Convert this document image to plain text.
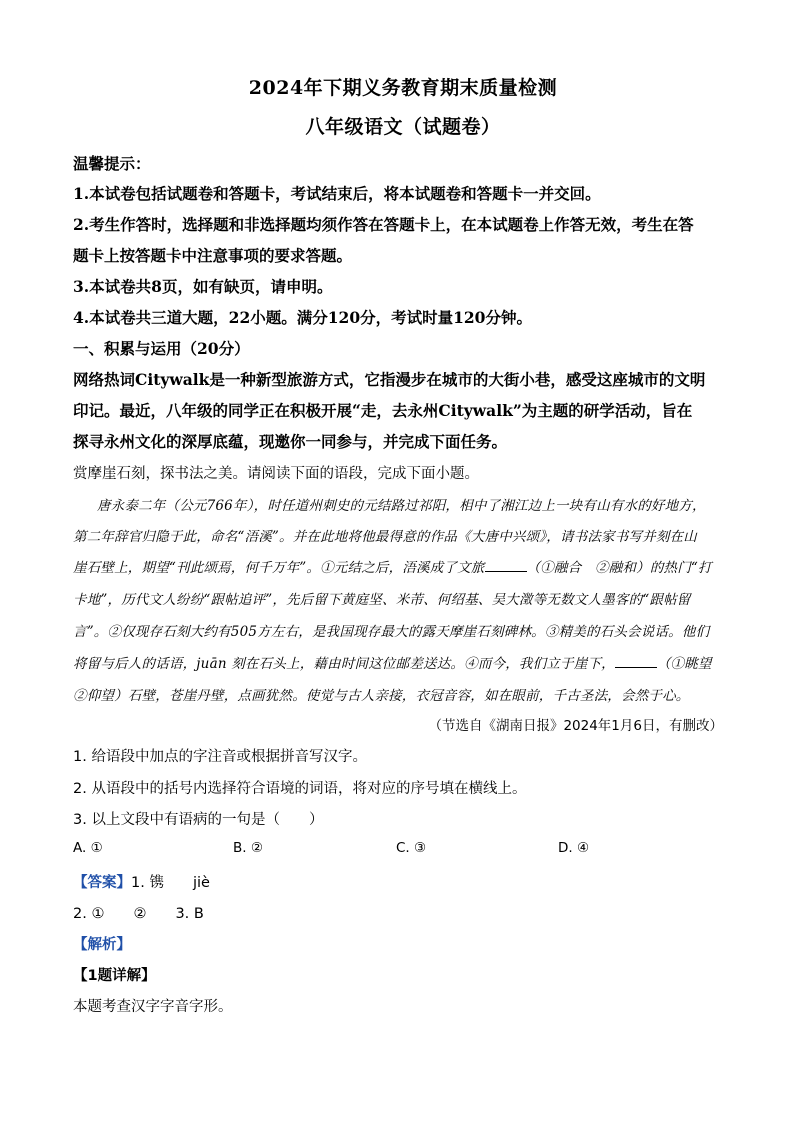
2024年下期义务教育期末质量检测
八年级语文（试题卷）
温馨提示：
1.本试卷包括试题卷和答题卡，考试结束后，将本试题卷和答题卡一并交回。
2.考生作答时，选择题和非选择题均须作答在答题卡上，在本试题卷上作答无效，考生在答
题卡上按答题卡中注意事项的要求答题。
3.本试卷共8页，如有缺页，请申明。
4.本试卷共三道大题，22小题。满分120分，考试时量120分钟。
一、积累与运用（20分）
网络热词Citywalk是一种新型旅游方式，它指漫步在城市的大街小巷，感受这座城市的文明
印记。最近，八年级的同学正在积极开展“走，去永州Citywalk”为主题的研学活动，旨在
探寻永州文化的深厚底蕴，现邀你一同参与，并完成下面任务。
赏摩崖石刻，探书法之美。请阅读下面的语段，完成下面小题。
唐永泰二年（公元766年），时任道州刺史的元结路过祁阳，相中了湘江边上一块有山有水的好地方，
第二年辞官归隐于此，命名“浯溪”。并在此地将他最得意的作品《大唐中兴颂》，请书法家书写并刻在山
崖石壁上，期望“刊此颂焉，何千万年”。①元结之后，浯溪成了文旅	（①融合　②融和）的热门“打
卡地”，历代文人纷纷“跟帖追评”，先后留下黄庭坚、米芾、何绍基、吴大澂等无数文人墨客的“跟帖留
言”。②仅现存石刻大约有505方左右，是我国现存最大的露天摩崖石刻碑林。③精美的石头会说话。他们
将留与后人的话语，juān 刻在石头上，藉由时间这位邮差送达。④而今，我们立于崖下，	（①眺望
②仰望）石壁，苍崖丹壁，点画犹然。使觉与古人亲接，衣冠音容，如在眼前，千古圣法，会然于心。
（节选自《湖南日报》2024年1月6日，有删改）
1. 给语段中加点的字注音或根据拼音写汉字。
2. 从语段中的括号内选择符合语境的词语，将对应的序号填在横线上。
3. 以上文段中有语病的一句是（　　）
A. ①	B. ②	C. ③	D. ④
【答案】1. 镌　　jiè
2. ①　　②　　3. B
【解析】
【1题详解】
本题考查汉字字音字形。
